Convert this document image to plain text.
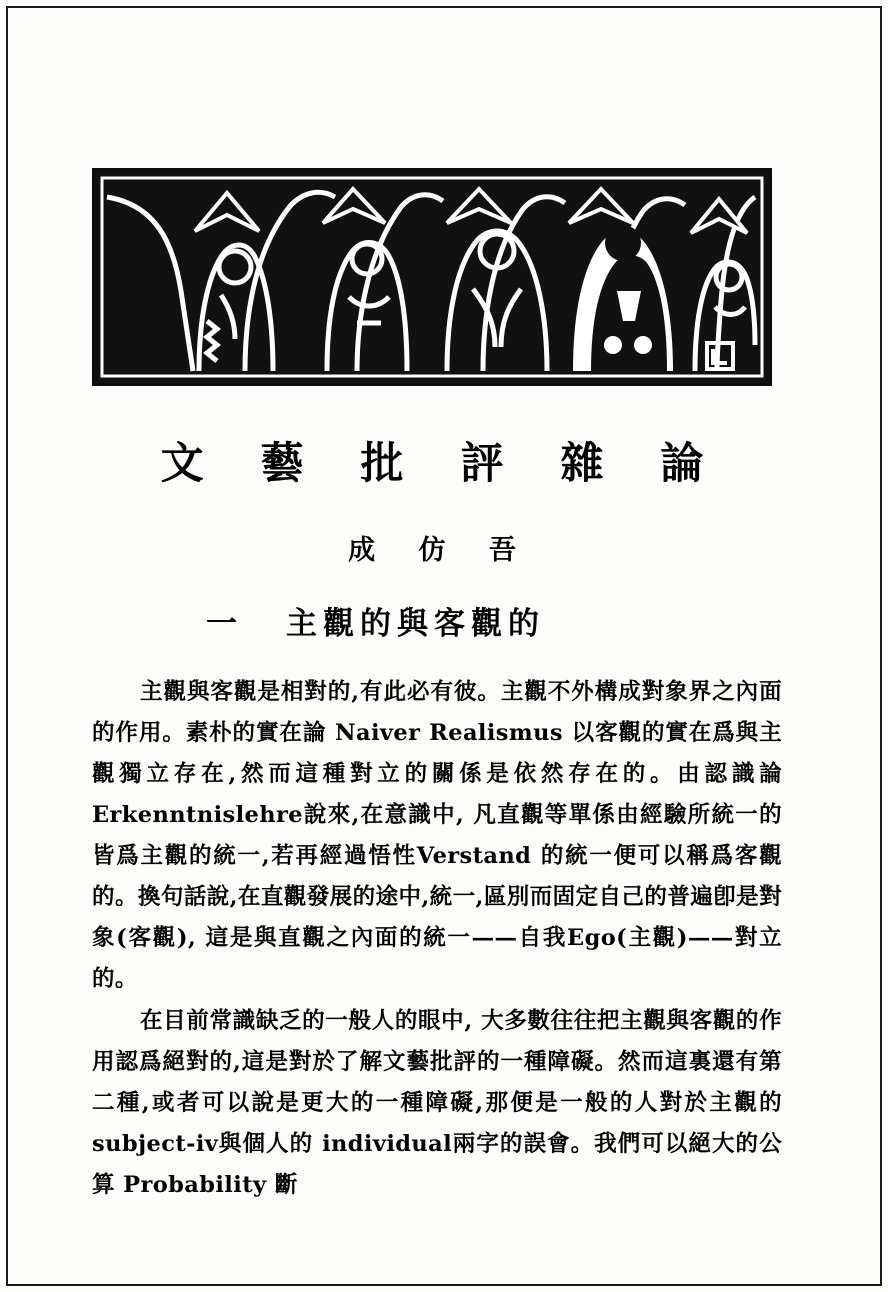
文 藝 批 評 雜 論
成 仿 吾
一 主觀的與客觀的

主觀與客觀是相對的,有此必有彼。主觀不外構成對象界之內面的作用。素朴的實在論 Naiver Realismus 以客觀的實在爲與主觀獨立存在,然而這種對立的關係是依然存在的。由認識論Erkenntnislehre說來,在意識中, 凡直觀等單係由經驗所統一的皆爲主觀的統一,若再經過悟性Verstand 的統一便可以稱爲客觀的。換句話說,在直觀發展的途中,統一,區別而固定自己的普遍卽是對象(客觀), 這是與直觀之內面的統一——自我Ego(主觀)——對立的。

在目前常識缺乏的一般人的眼中, 大多數往往把主觀與客觀的作用認爲絕對的,這是對於了解文藝批評的一種障礙。然而這裏還有第二種,或者可以說是更大的一種障礙,那便是一般的人對於主觀的 subject-iv與個人的 individual兩字的誤會。我們可以絕大的公算 Probability 斷
